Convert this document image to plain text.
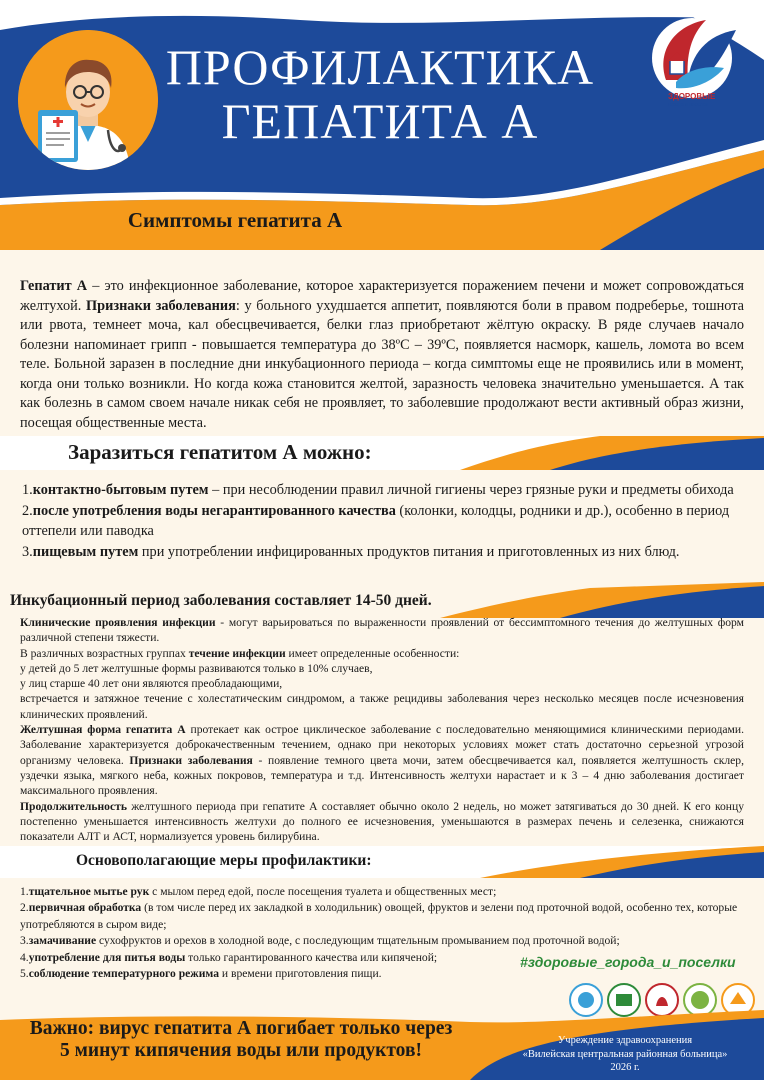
ПРОФИЛАКТИКА
ГЕПАТИТА А	ЗДОРОВЫЕ
города и поселки
Симптомы гепатита А
Гепатит А – это инфекционное заболевание, которое характеризуется поражением печени и может сопровождаться желтухой. Признаки заболевания: у больного ухудшается аппетит, появляются боли в правом подреберье, тошнота или рвота, темнеет моча, кал обесцвечивается, белки глаз приобретают жёлтую окраску. В ряде случаев начало болезни напоминает грипп - повышается температура до 38ºС – 39ºС, появляется насморк, кашель, ломота во всем теле. Больной заразен в последние дни инкубационного периода – когда симптомы еще не проявились или в момент, когда они только возникли. Но когда кожа становится желтой, заразность человека значительно уменьшается. А так как болезнь в самом своем начале никак себя не проявляет, то заболевшие продолжают вести активный образ жизни, посещая общественные места.
Заразиться гепатитом А можно:

1.контактно-бытовым путем – при несоблюдении правил личной гигиены через грязные руки и предметы обихода

2.после употребления воды негарантированного качества (колонки, колодцы, родники и др.), особенно в период оттепели или паводка

3.пищевым путем при употреблении инфицированных продуктов питания и приготовленных из них блюд.

Инкубационный период заболевания составляет 14-50 дней.
Клинические проявления инфекции - могут варьироваться по выраженности проявлений от бессимптомного течения до желтушных форм различной степени тяжести.
В различных возрастных группах течение инфекции имеет определенные особенности:
у детей до 5 лет желтушные формы развиваются только в 10% случаев,
у лиц старше 40 лет они являются преобладающими,
встречается и затяжное течение с холестатическим синдромом, а также рецидивы заболевания через несколько месяцев после исчезновения клинических проявлений.
Желтушная форма гепатита А протекает как острое циклическое заболевание с последовательно меняющимися клиническими периодами. Заболевание характеризуется доброкачественным течением, однако при некоторых условиях может стать достаточно серьезной угрозой организму человека. Признаки заболевания - появление темного цвета мочи, затем обесцвечивается кал, появляется желтушность склер, уздечки языка, мягкого неба, кожных покровов, температура и т.д. Интенсивность желтухи нарастает и к 3 – 4 дню заболевания достигает максимального проявления.
Продолжительность желтушного периода при гепатите А составляет обычно около 2 недель, но может затягиваться до 30 дней. К его концу постепенно уменьшается интенсивность желтухи до полного ее исчезновения, уменьшаются в размерах печень и селезенка, снижаются показатели АЛТ и АСТ, нормализуется уровень билирубина.
Основополагающие меры профилактики:
1.тщательное мытье рук с мылом перед едой, после посещения туалета и общественных мест;
2.первичная обработка (в том числе перед их закладкой в холодильник) овощей, фруктов и зелени под проточной водой, особенно тех, которые употребляются в сыром виде;
3.замачивание сухофруктов и орехов в холодной воде, с последующим тщательным промыванием под проточной водой;
4.употребление для питья воды только гарантированного качества или кипяченой;
5.соблюдение температурного режима и времени приготовления пищи.
#здоровые_города_и_поселки
Важно: вирус гепатита А погибает только через
5 минут кипячения воды или продуктов!	Учреждение здравоохранения
«Вилейская центральная районная больница»
2026 г.
